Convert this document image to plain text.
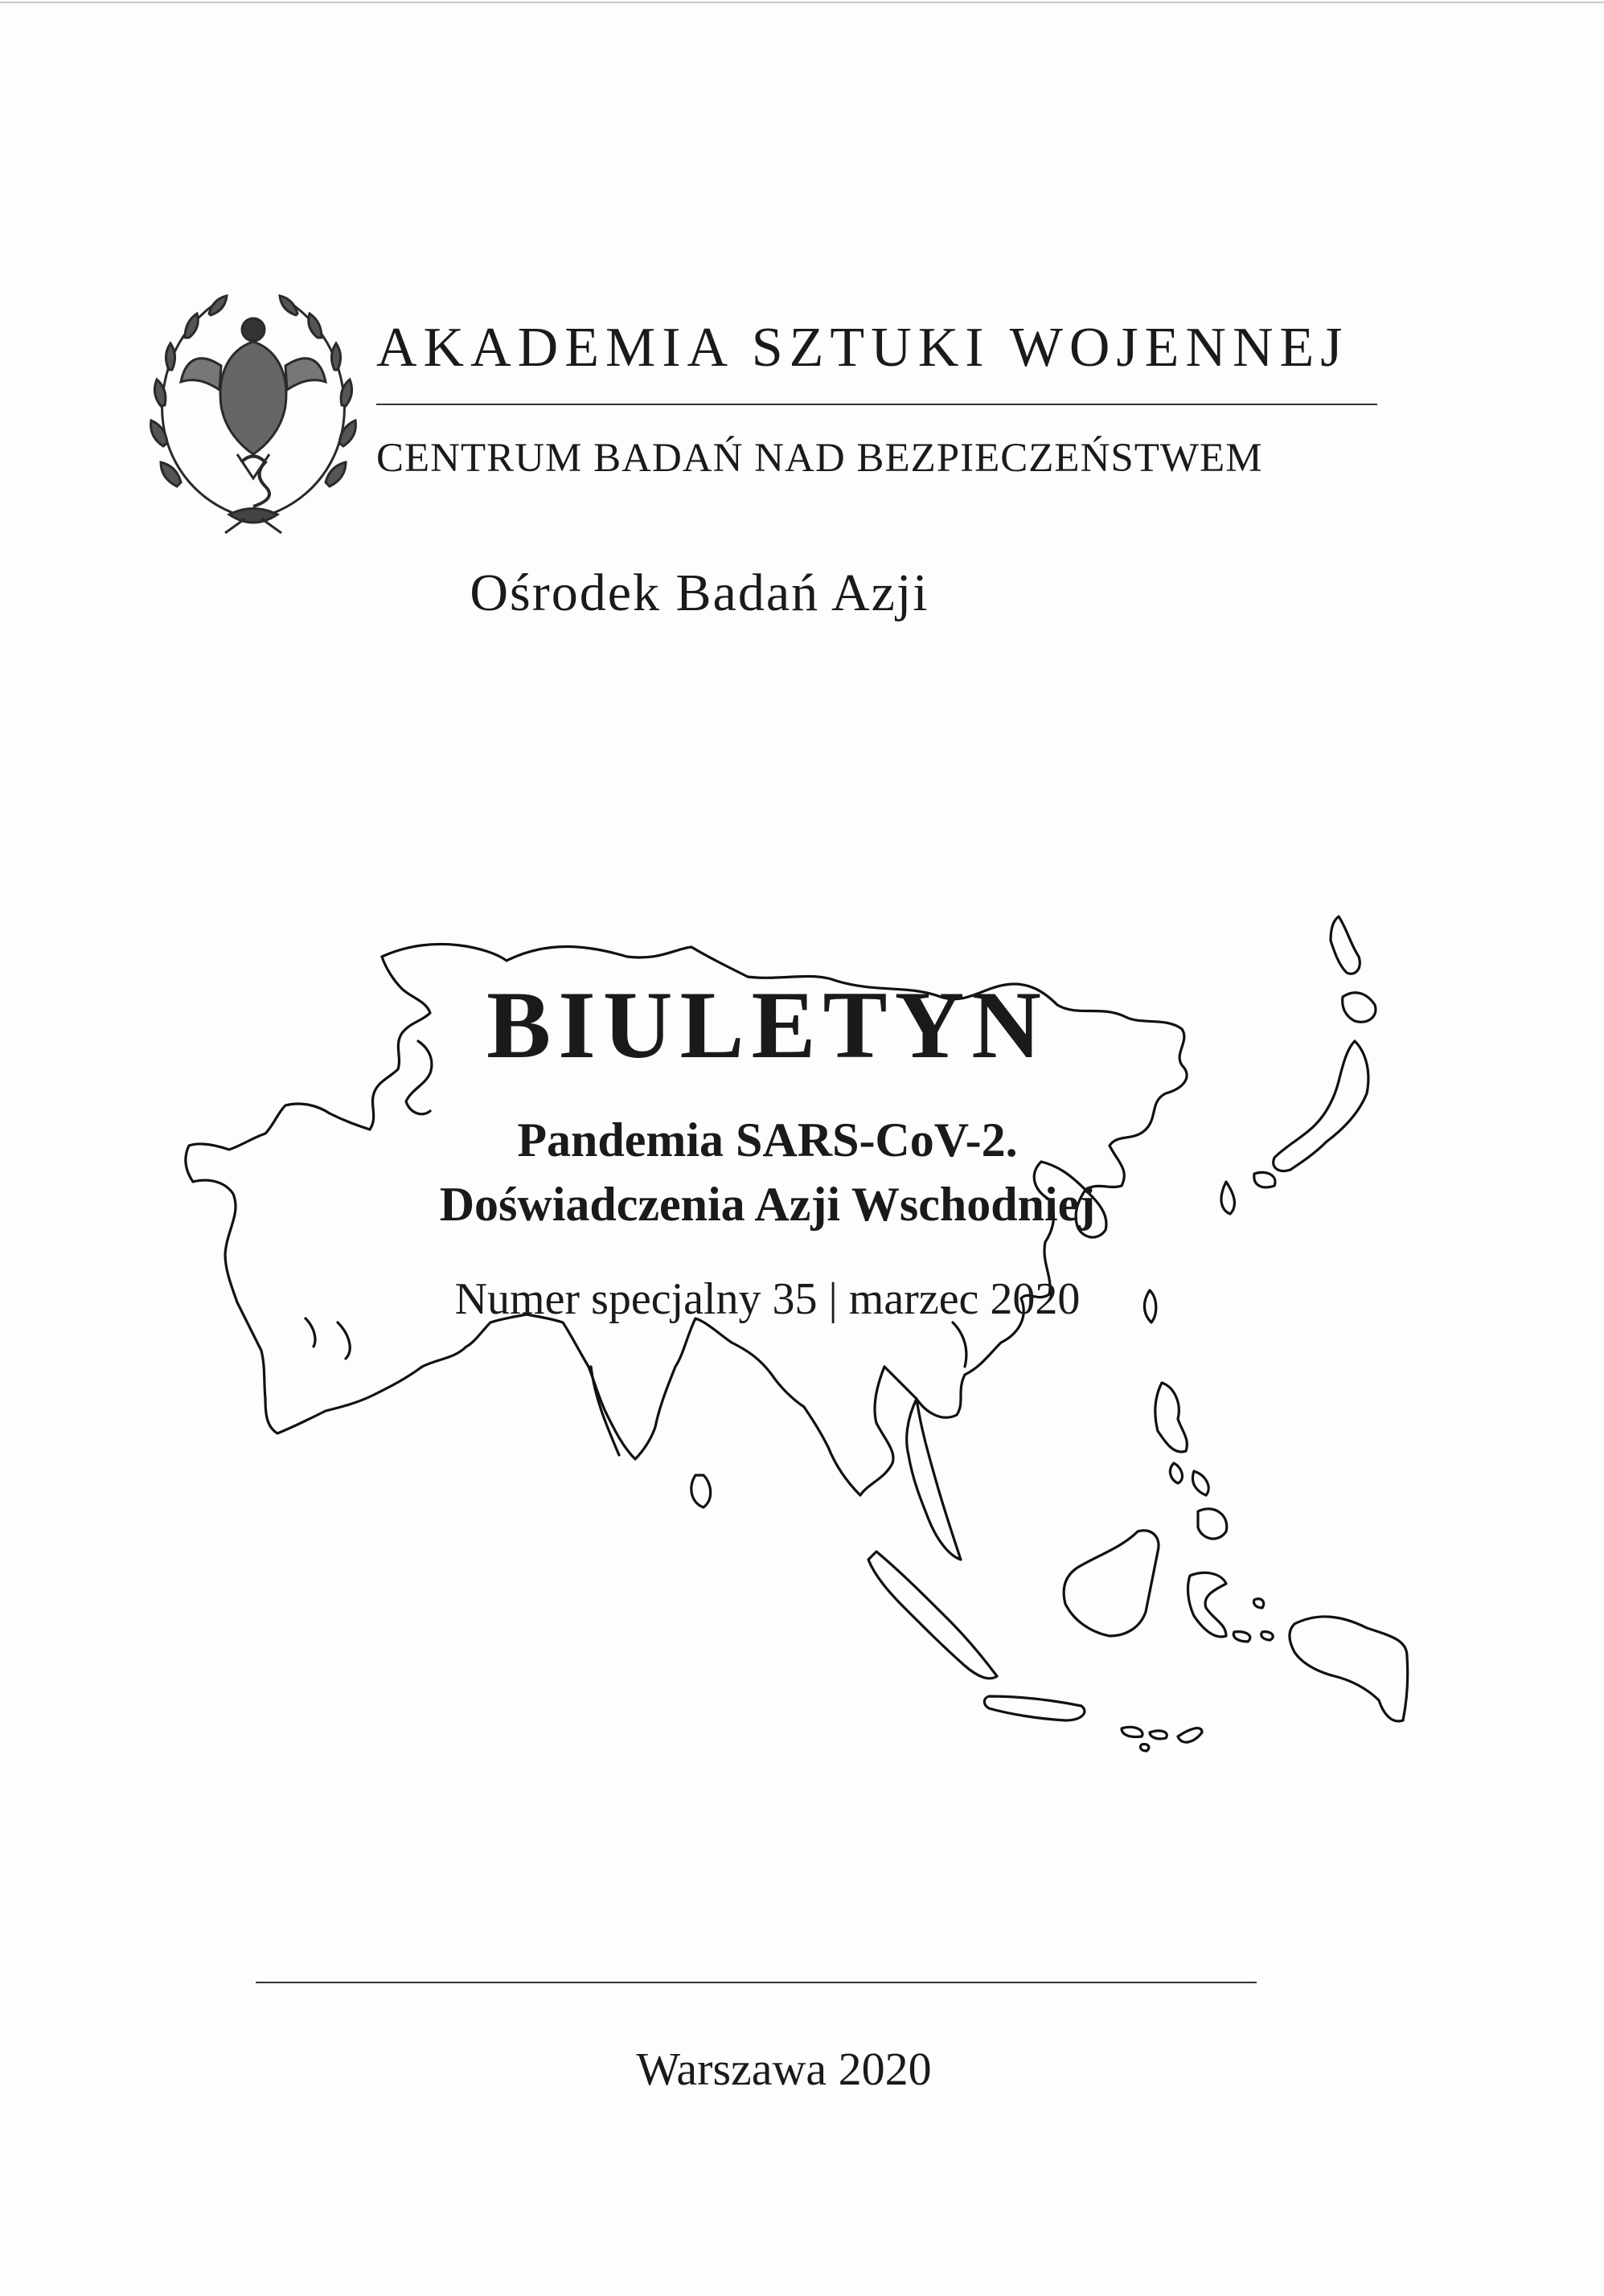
AKADEMIA SZTUKI WOJENNEJ
CENTRUM BADAŃ NAD BEZPIECZEŃSTWEM
Ośrodek Badań Azji
BIULETYN
Pandemia SARS-CoV-2.
Doświadczenia Azji Wschodniej
Numer specjalny 35 | marzec 2020
Warszawa 2020
